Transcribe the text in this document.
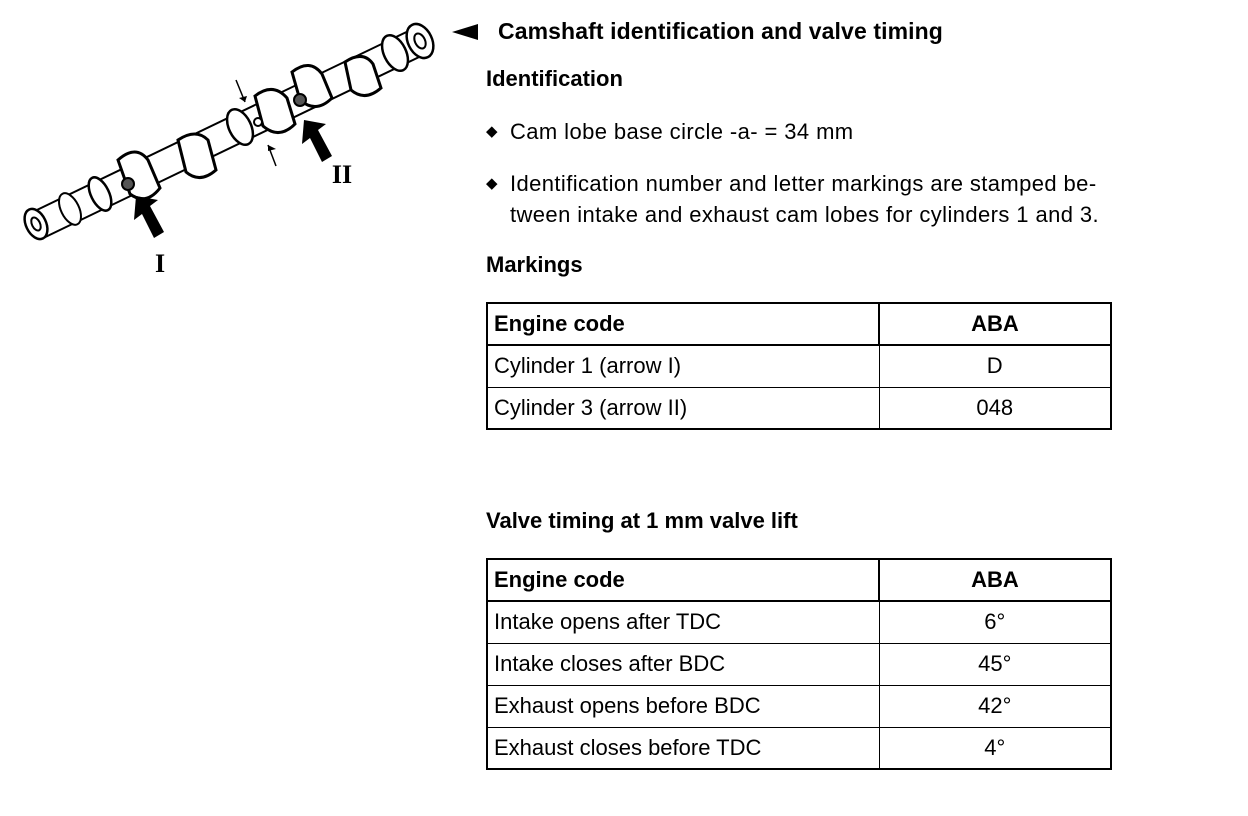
I
II
Camshaft identification and valve timing
Identification
◆ Cam lobe base circle -a- = 34 mm
◆ Identification number and letter markings are stamped be-
tween intake and exhaust cam lobes for cylinders 1 and 3.
Markings
Engine code	ABA
Cylinder 1 (arrow I)	D
Cylinder 3 (arrow II)	048
Valve timing at 1 mm valve lift
Engine code	ABA
Intake opens after TDC	6°
Intake closes after BDC	45°
Exhaust opens before BDC	42°
Exhaust closes before TDC	4°
